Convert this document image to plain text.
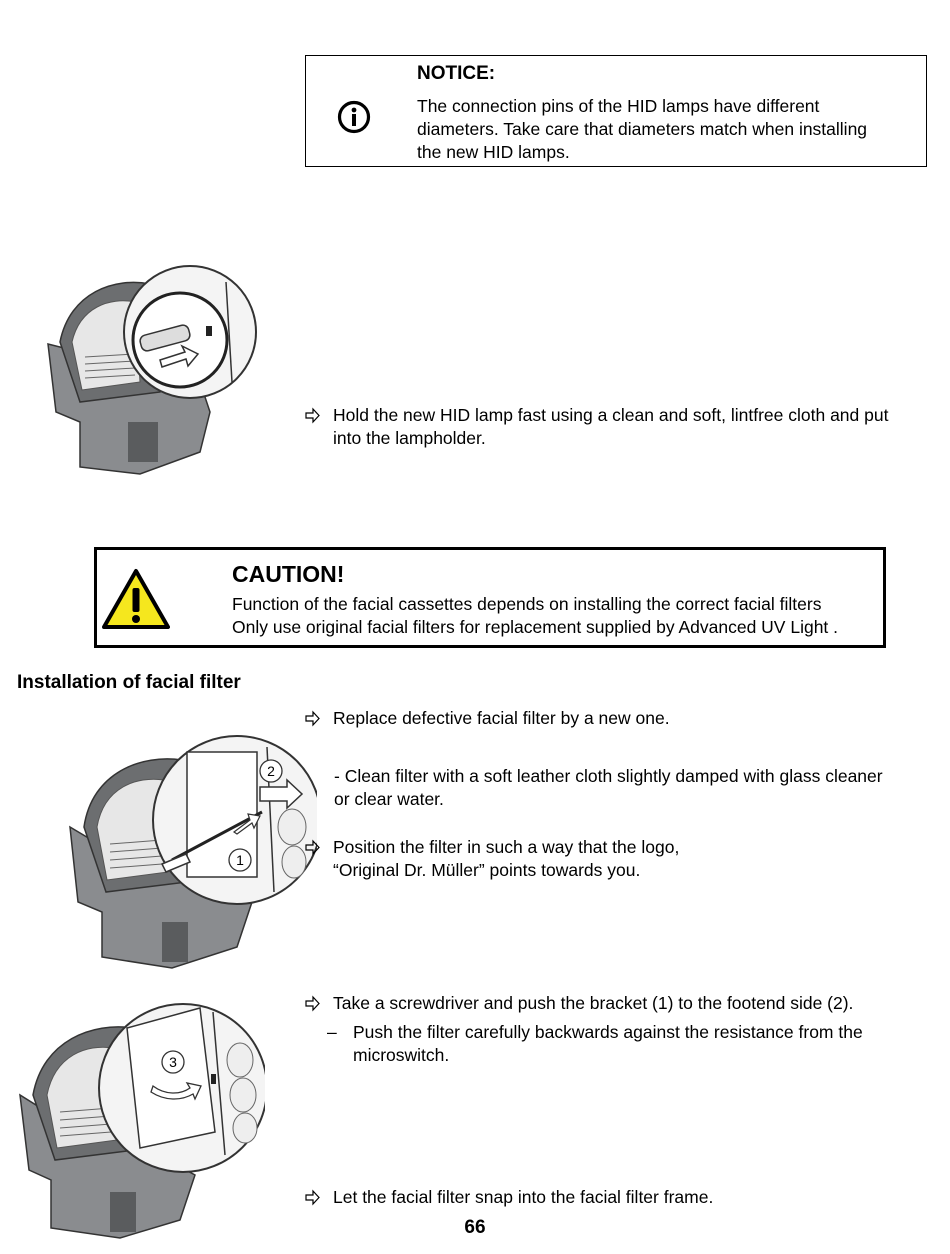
NOTICE:
The connection pins of the HID lamps have different
diameters. Take care that diameters match when installing
the new HID lamps.
Hold the new HID lamp fast using a clean and soft, lintfree cloth and put
into the lampholder.
CAUTION!
Function of the facial cassettes depends on installing the correct facial filters
Only use original facial filters for replacement supplied by Advanced UV Light .
Installation of facial filter
1
2
Replace defective facial filter by a new one.
- Clean filter with a soft leather cloth slightly damped with glass cleaner
or clear water.
Position the filter in such a way that the logo,
“Original Dr. Müller” points towards you.
3
Take a screwdriver and push the bracket (1) to the footend side (2).
– Push the filter carefully backwards against the resistance from the
microswitch.
Let the facial filter snap into the facial filter frame.
66
